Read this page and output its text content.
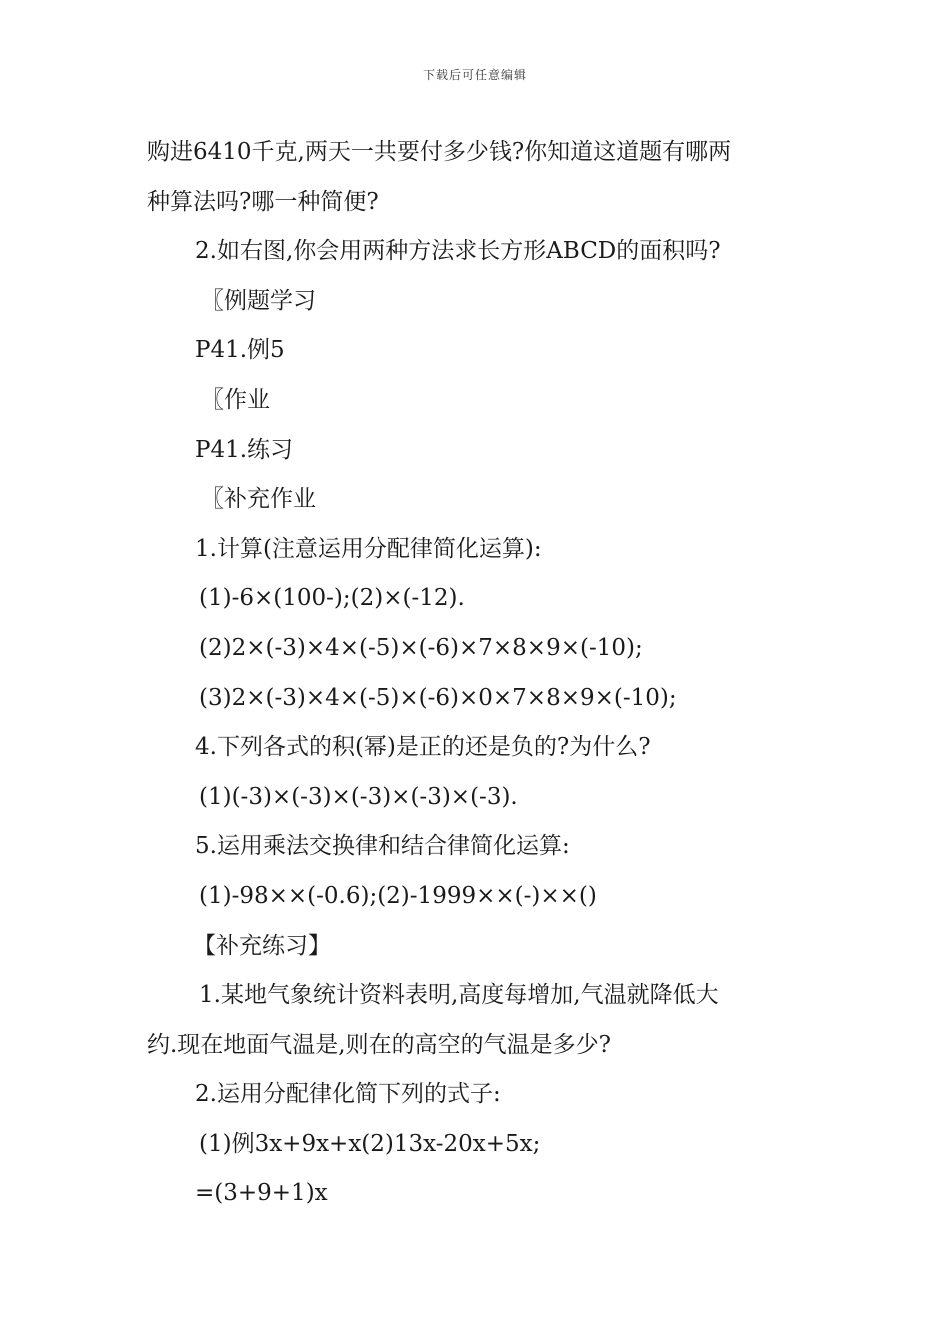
下载后可任意编辑
购进6410千克,两天一共要付多少钱?你知道这道题有哪两
种算法吗?哪一种简便?
2.如右图,你会用两种方法求长方形ABCD的面积吗?
〖例题学习
P41.例5
〖作业
P41.练习
〖补充作业
1.计算(注意运用分配律简化运算):
(1)-6×(100-);(2)×(-12).
(2)2×(-3)×4×(-5)×(-6)×7×8×9×(-10);
(3)2×(-3)×4×(-5)×(-6)×0×7×8×9×(-10);
4.下列各式的积(幂)是正的还是负的?为什么?
(1)(-3)×(-3)×(-3)×(-3)×(-3).
5.运用乘法交换律和结合律简化运算:
(1)-98××(-0.6);(2)-1999××(-)××()
【补充练习】
1.某地气象统计资料表明,高度每增加,气温就降低大
约.现在地面气温是,则在的高空的气温是多少?
2.运用分配律化简下列的式子:
(1)例3x+9x+x(2)13x-20x+5x;
=(3+9+1)x
